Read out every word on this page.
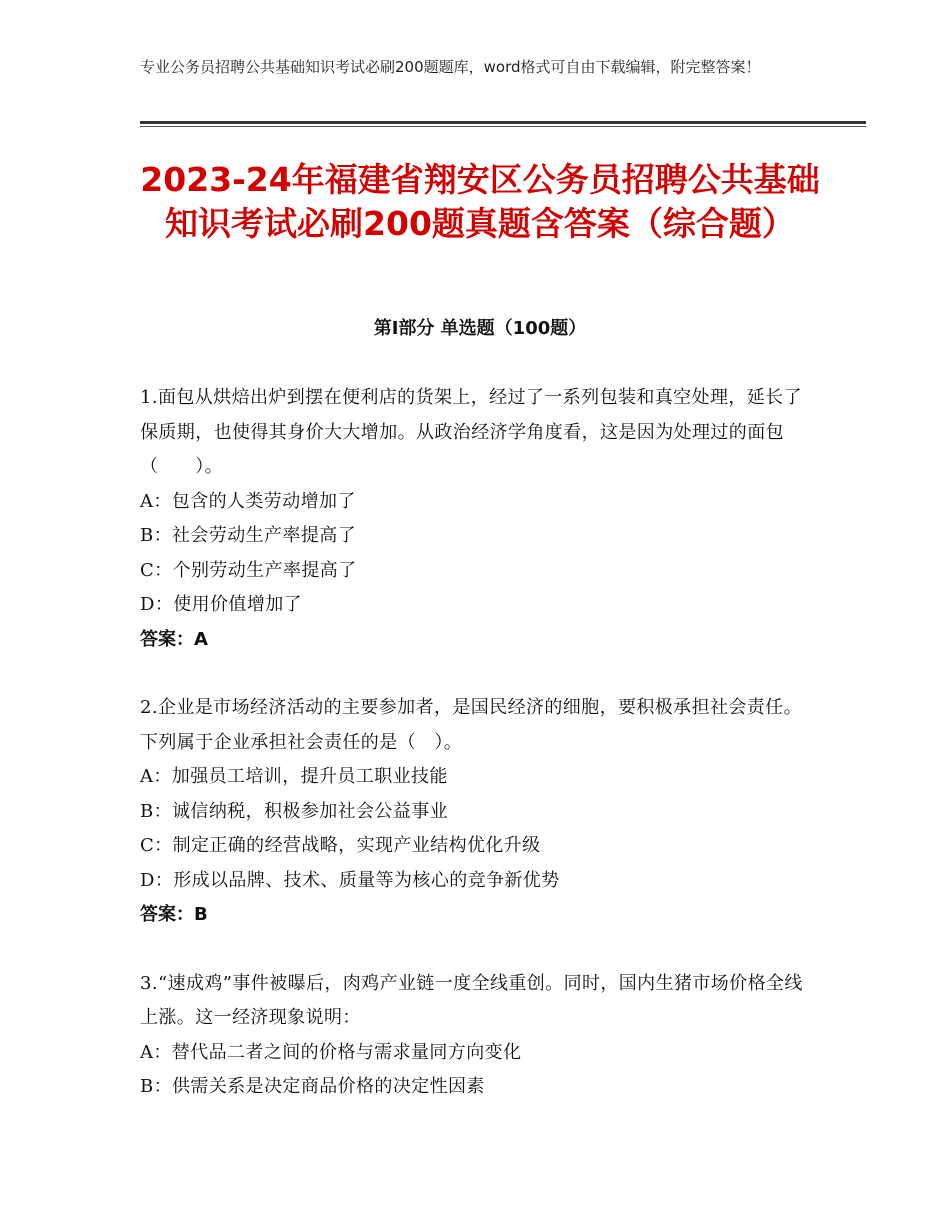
专业公务员招聘公共基础知识考试必刷200题题库，word格式可自由下载编辑，附完整答案！
2023-24年福建省翔安区公务员招聘公共基础知识考试必刷200题真题含答案（综合题）
第Ⅰ部分 单选题（100题）
1.面包从烘焙出炉到摆在便利店的货架上，经过了一系列包装和真空处理，延长了保质期，也使得其身价大大增加。从政治经济学角度看，这是因为处理过的面包（　　）。
A：包含的人类劳动增加了
B：社会劳动生产率提高了
C：个别劳动生产率提高了
D：使用价值增加了
答案：A
2.企业是市场经济活动的主要参加者，是国民经济的细胞，要积极承担社会责任。下列属于企业承担社会责任的是（　）。
A：加强员工培训，提升员工职业技能
B：诚信纳税，积极参加社会公益事业
C：制定正确的经营战略，实现产业结构优化升级
D：形成以品牌、技术、质量等为核心的竞争新优势
答案：B
3.“速成鸡”事件被曝后，肉鸡产业链一度全线重创。同时，国内生猪市场价格全线上涨。这一经济现象说明：
A：替代品二者之间的价格与需求量同方向变化
B：供需关系是决定商品价格的决定性因素
